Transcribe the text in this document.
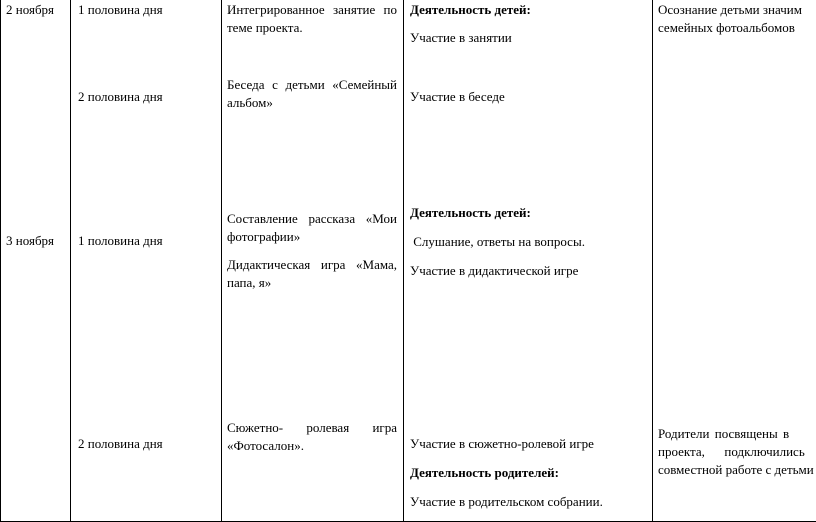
2 ноября
3 ноября
1 половина дня
2 половина дня
1 половина дня
2 половина дня
Интегрированное занятие по
теме проекта.
Беседа с детьми «Семейный
альбом»
Составление рассказа «Мои
фотографии»
Дидактическая игра «Мама,
папа, я»
Сюжетно-   ролевая   игра
«Фотосалон».
Деятельность детей:
Участие в занятии
Участие в беседе
Деятельность детей:
Слушание, ответы на вопросы.
Участие в дидактической игре
Участие в сюжетно-ролевой игре
Деятельность родителей:
Участие в родительском собрании.
Осознание детьми значим
семейных фотоальбомов
Родители посвящены в
проекта,      подключились
совместной работе с детьми
